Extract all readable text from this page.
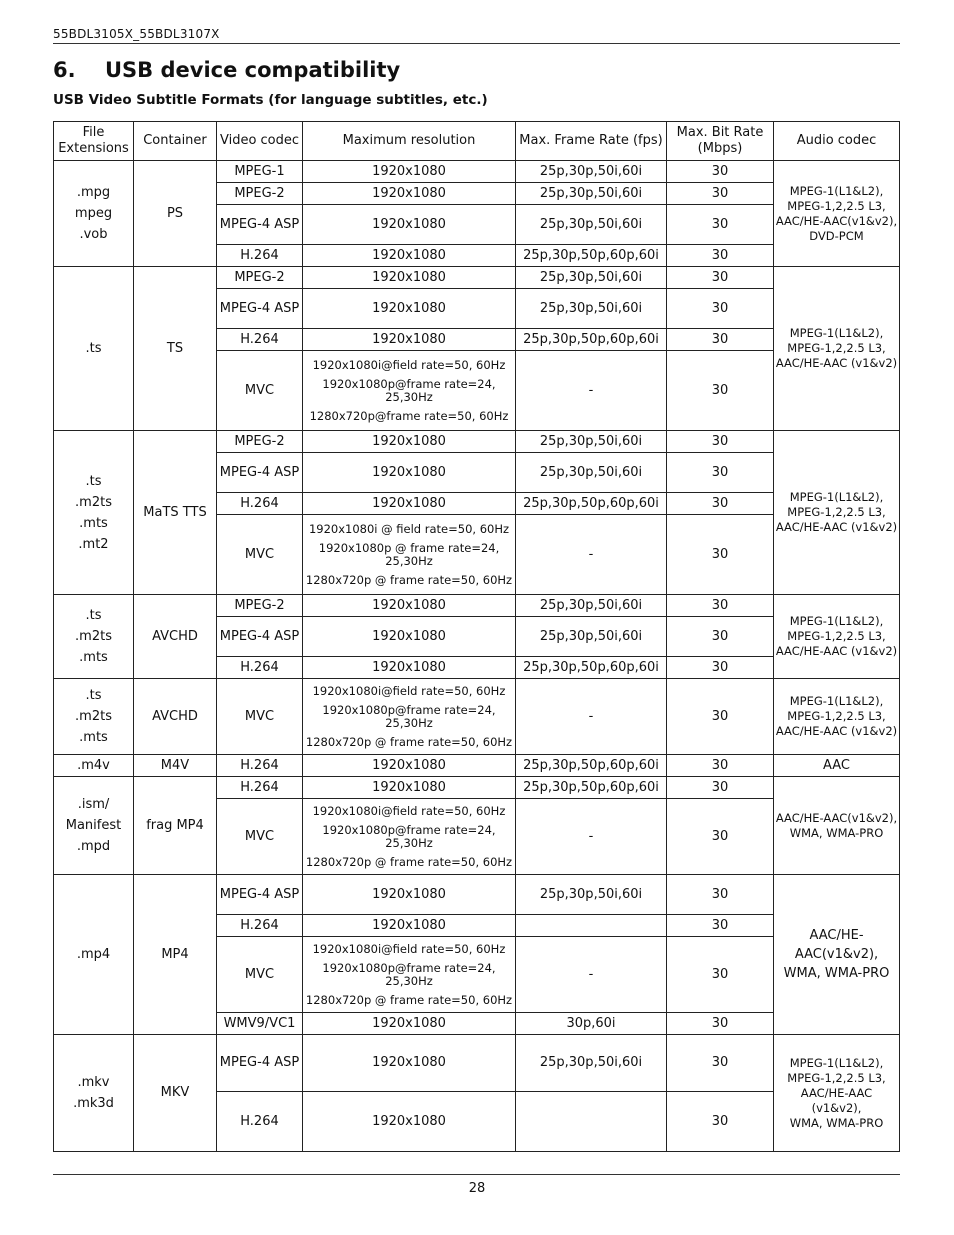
55BDL3105X_55BDL3107X
6. USB device compatibility
USB Video Subtitle Formats (for language subtitles, etc.)
File Extensions	Container	Video codec	Maximum resolution	Max. Frame Rate (fps)	Max. Bit Rate (Mbps)	Audio codec

.mpg
mpeg
.vob	PS	MPEG-1	1920x1080	25p,30p,50i,60i	30	MPEG-1(L1&L2),
MPEG-1,2,2.5 L3,
AAC/HE-AAC(v1&v2),
DVD-PCM

		MPEG-2	1920x1080	25p,30p,50i,60i	30	
		MPEG-4 ASP	1920x1080	25p,30p,50i,60i	30	
		H.264	1920x1080	25p,30p,50p,60p,60i	30	

.ts	TS	MPEG-2	1920x1080	25p,30p,50i,60i	30	MPEG-1(L1&L2),
MPEG-1,2,2.5 L3,
AAC/HE-AAC (v1&v2)

		MPEG-4 ASP	1920x1080	25p,30p,50i,60i	30	
		H.264	1920x1080	25p,30p,50p,60p,60i	30	
		MVC	1920x1080i@field rate=50, 60Hz
1920x1080p@frame rate=24, 25,30Hz
1280x720p@frame rate=50, 60Hz	-	30	

.ts
.m2ts
.mts
.mt2	MaTS TTS	MPEG-2	1920x1080	25p,30p,50i,60i	30	MPEG-1(L1&L2),
MPEG-1,2,2.5 L3,
AAC/HE-AAC (v1&v2)

		MPEG-4 ASP	1920x1080	25p,30p,50i,60i	30	
		H.264	1920x1080	25p,30p,50p,60p,60i	30	
		MVC	1920x1080i @ field rate=50, 60Hz
1920x1080p @ frame rate=24, 25,30Hz
1280x720p @ frame rate=50, 60Hz	-	30	

.ts
.m2ts
.mts	AVCHD	MPEG-2	1920x1080	25p,30p,50i,60i	30	MPEG-1(L1&L2),
MPEG-1,2,2.5 L3,
AAC/HE-AAC (v1&v2)

		MPEG-4 ASP	1920x1080	25p,30p,50i,60i	30	
		H.264	1920x1080	25p,30p,50p,60p,60i	30	

.ts
.m2ts
.mts	AVCHD	MVC	1920x1080i@field rate=50, 60Hz
1920x1080p@frame rate=24, 25,30Hz
1280x720p @ frame rate=50, 60Hz	-	30	MPEG-1(L1&L2),
MPEG-1,2,2.5 L3,
AAC/HE-AAC (v1&v2)

.m4v	M4V	H.264	1920x1080	25p,30p,50p,60p,60i	30	AAC

.ism/ Manifest .mpd	frag MP4	H.264	1920x1080	25p,30p,50p,60p,60i	30	AAC/HE-AAC(v1&v2),
WMA, WMA-PRO

		MVC	1920x1080i@field rate=50, 60Hz
1920x1080p@frame rate=24, 25,30Hz
1280x720p @ frame rate=50, 60Hz	-	30	

.mp4	MP4	MPEG-4 ASP	1920x1080	25p,30p,50i,60i	30	AAC/HE-AAC(v1&v2),
WMA, WMA-PRO

		H.264	1920x1080		30	
		MVC	1920x1080i@field rate=50, 60Hz
1920x1080p@frame rate=24, 25,30Hz
1280x720p @ frame rate=50, 60Hz	-	30	
		WMV9/VC1	1920x1080	30p,60i	30	

.mkv
.mk3d	MKV	MPEG-4 ASP	1920x1080	25p,30p,50i,60i	30	MPEG-1(L1&L2),
MPEG-1,2,2.5 L3,
AAC/HE-AAC (v1&v2),
WMA, WMA-PRO

		H.264	1920x1080		30	
28
